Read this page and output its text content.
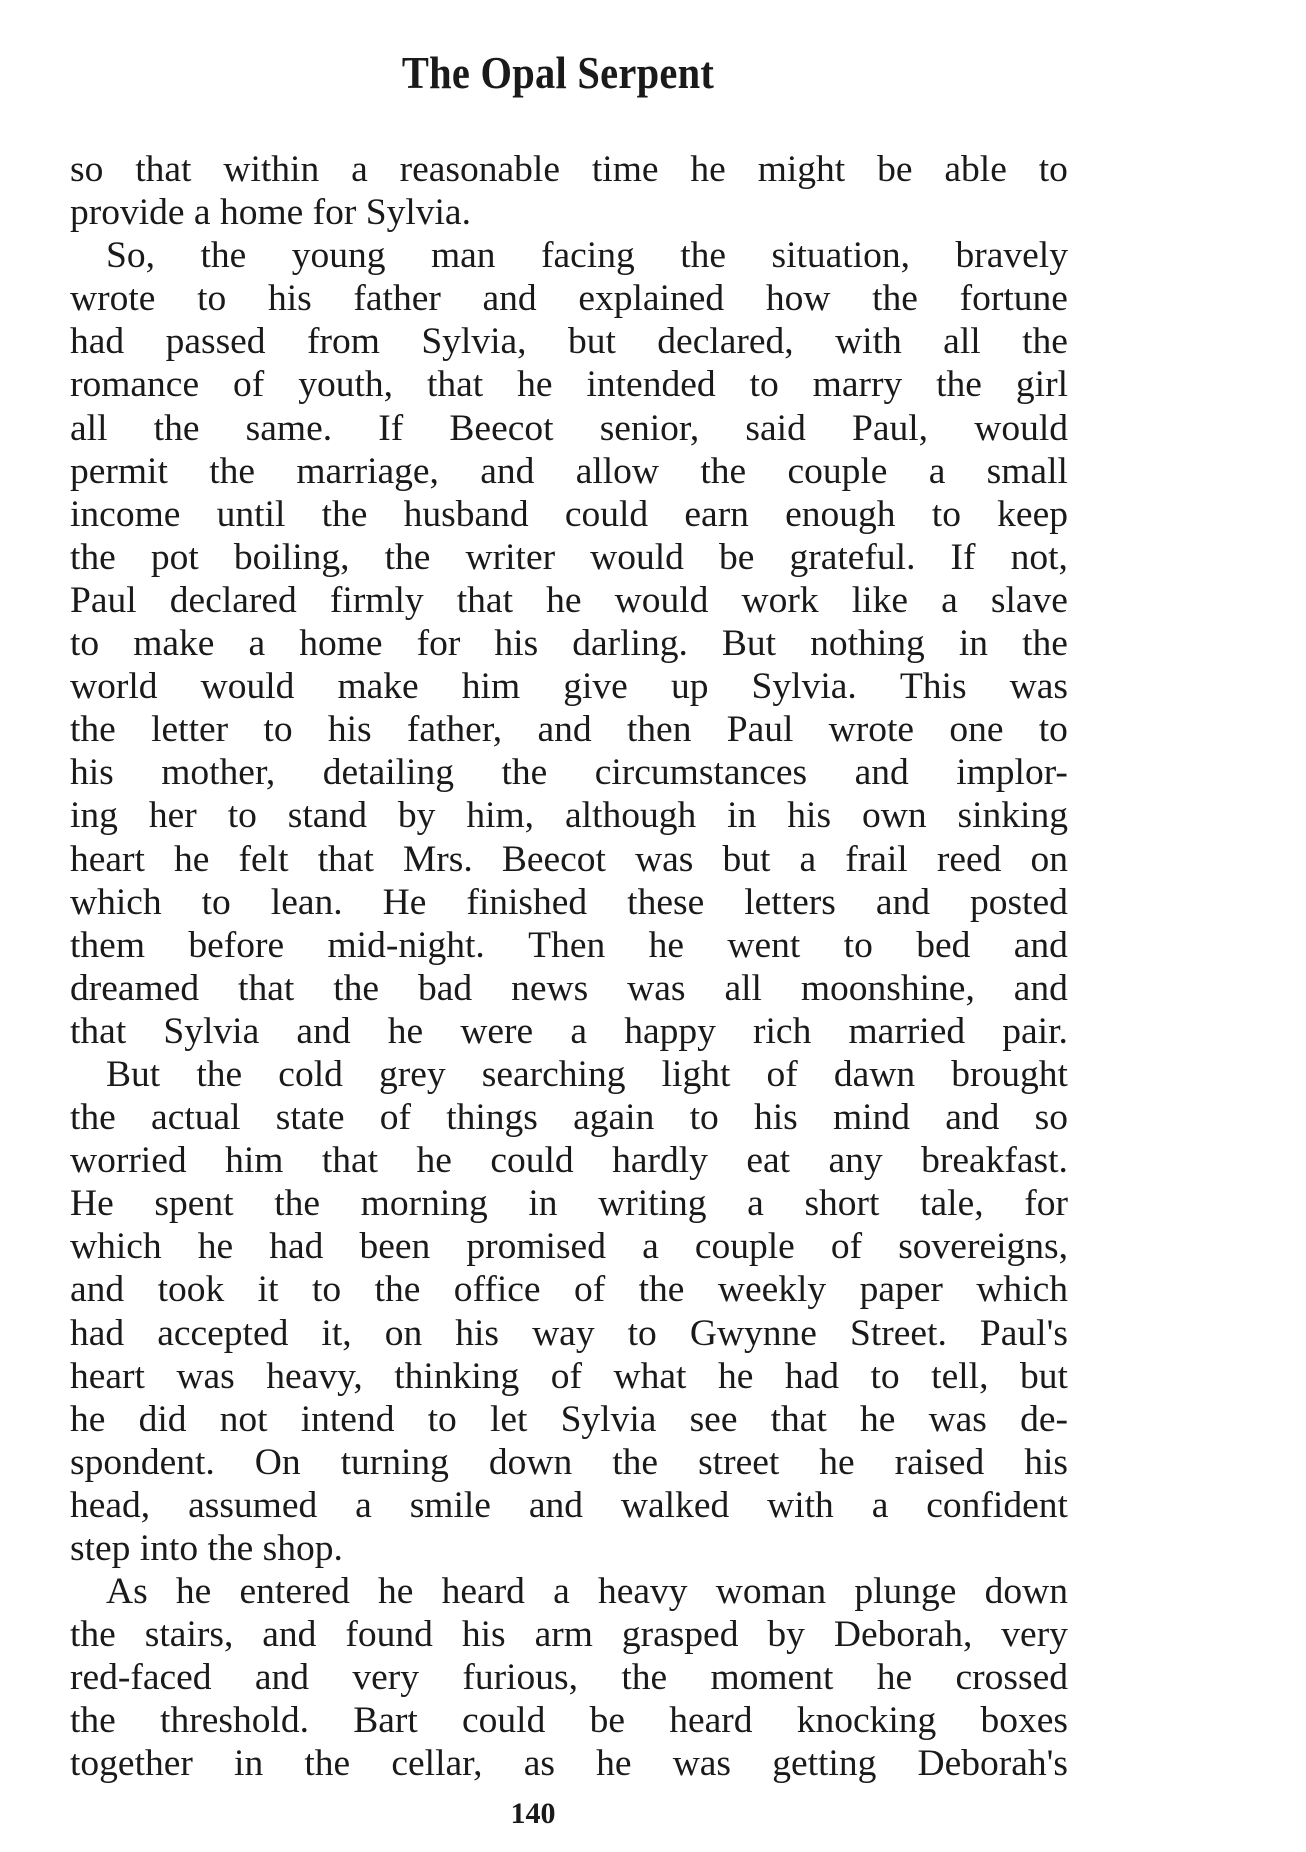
The Opal Serpent
so that within a reasonable time he might be able to
provide a home for Sylvia.
So, the young man facing the situation, bravely
wrote to his father and explained how the fortune
had passed from Sylvia, but declared, with all the
romance of youth, that he intended to marry the girl
all the same. If Beecot senior, said Paul, would
permit the marriage, and allow the couple a small
income until the husband could earn enough to keep
the pot boiling, the writer would be grateful. If not,
Paul declared firmly that he would work like a slave
to make a home for his darling. But nothing in the
world would make him give up Sylvia. This was
the letter to his father, and then Paul wrote one to
his mother, detailing the circumstances and implor-
ing her to stand by him, although in his own sinking
heart he felt that Mrs. Beecot was but a frail reed on
which to lean. He finished these letters and posted
them before mid-night. Then he went to bed and
dreamed that the bad news was all moonshine, and
that Sylvia and he were a happy rich married pair.
But the cold grey searching light of dawn brought
the actual state of things again to his mind and so
worried him that he could hardly eat any breakfast.
He spent the morning in writing a short tale, for
which he had been promised a couple of sovereigns,
and took it to the office of the weekly paper which
had accepted it, on his way to Gwynne Street. Paul's
heart was heavy, thinking of what he had to tell, but
he did not intend to let Sylvia see that he was de-
spondent. On turning down the street he raised his
head, assumed a smile and walked with a confident
step into the shop.
As he entered he heard a heavy woman plunge down
the stairs, and found his arm grasped by Deborah, very
red-faced and very furious, the moment he crossed
the threshold. Bart could be heard knocking boxes
together in the cellar, as he was getting Deborah's
140
